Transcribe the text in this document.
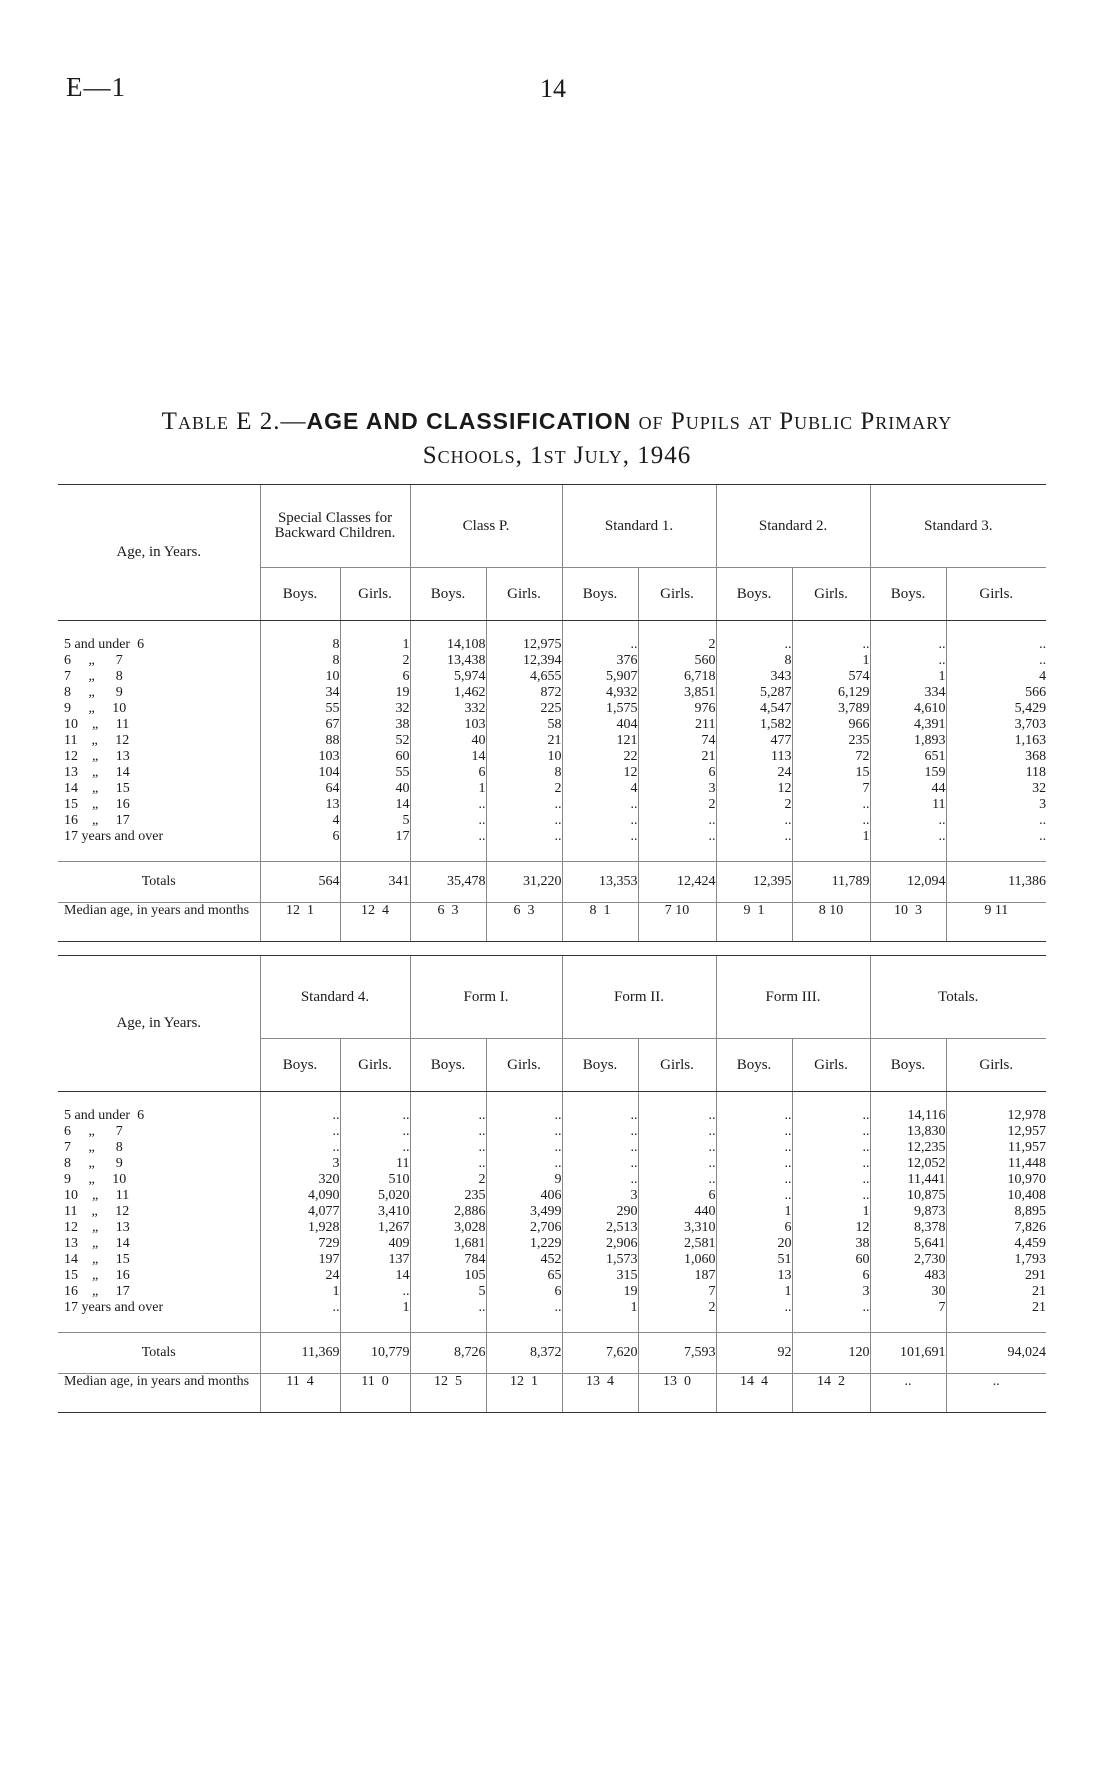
E—1	14
Table E 2.—AGE AND CLASSIFICATION of Pupils at Public Primary
Schools, 1st July, 1946
Age, in Years.	Special Classes for Backward Children.		Class P.		Standard 1.		Standard 2.		Standard 3.	
	Boys.	Girls.	Boys.	Girls.	Boys.	Girls.	Boys.	Girls.	Boys.	Girls.

5 and under  6	8	1	14,108	12,975	..	2	..	..	..	..
6     „      7	8	2	13,438	12,394	376	560	8	1	..	..
7     „      8	10	6	5,974	4,655	5,907	6,718	343	574	1	4
8     „      9	34	19	1,462	872	4,932	3,851	5,287	6,129	334	566
9     „     10	55	32	332	225	1,575	976	4,547	3,789	4,610	5,429
10    „     11	67	38	103	58	404	211	1,582	966	4,391	3,703
11    „     12	88	52	40	21	121	74	477	235	1,893	1,163
12    „     13	103	60	14	10	22	21	113	72	651	368
13    „     14	104	55	6	8	12	6	24	15	159	118
14    „     15	64	40	1	2	4	3	12	7	44	32
15    „     16	13	14	..	..	..	2	2	..	11	3
16    „     17	4	5	..	..	..	..	..	..	..	..
17 years and over	6	17	..	..	..	..	..	1	..	..

Totals	564	341	35,478	31,220	13,353	12,424	12,395	11,789	12,094	11,386
Median age, in years and months	12  1	12  4	6  3	6  3	8  1	7 10	9  1	8 10	10  3	9 11
Age, in Years.	Standard 4.		Form I.		Form II.		Form III.		Totals.	
	Boys.	Girls.	Boys.	Girls.	Boys.	Girls.	Boys.	Girls.	Boys.	Girls.

5 and under  6	..	..	..	..	..	..	..	..	14,116	12,978
6     „      7	..	..	..	..	..	..	..	..	13,830	12,957
7     „      8	..	..	..	..	..	..	..	..	12,235	11,957
8     „      9	3	11	..	..	..	..	..	..	12,052	11,448
9     „     10	320	510	2	9	..	..	..	..	11,441	10,970
10    „     11	4,090	5,020	235	406	3	6	..	..	10,875	10,408
11    „     12	4,077	3,410	2,886	3,499	290	440	1	1	9,873	8,895
12    „     13	1,928	1,267	3,028	2,706	2,513	3,310	6	12	8,378	7,826
13    „     14	729	409	1,681	1,229	2,906	2,581	20	38	5,641	4,459
14    „     15	197	137	784	452	1,573	1,060	51	60	2,730	1,793
15    „     16	24	14	105	65	315	187	13	6	483	291
16    „     17	1	..	5	6	19	7	1	3	30	21
17 years and over	..	1	..	..	1	2	..	..	7	21

Totals	11,369	10,779	8,726	8,372	7,620	7,593	92	120	101,691	94,024
Median age, in years and months	11  4	11  0	12  5	12  1	13  4	13  0	14  4	14  2	..	..
